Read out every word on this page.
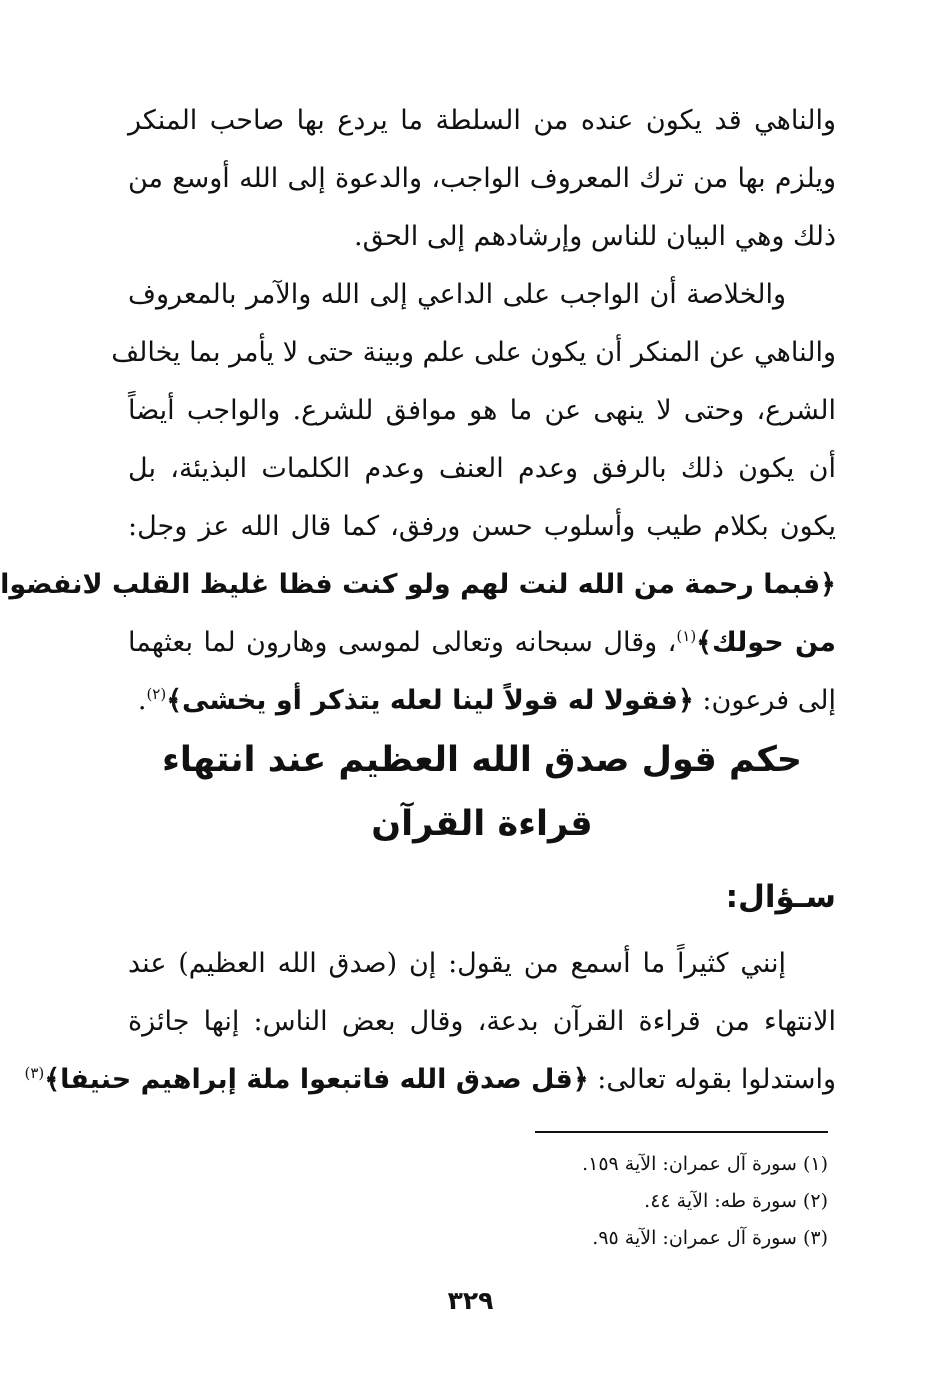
والناهي قد يكون عنده من السلطة ما يردع بها صاحب المنكر
ويلزم بها من ترك المعروف الواجب، والدعوة إلى الله أوسع من
ذلك وهي البيان للناس وإرشادهم إلى الحق.
والخلاصة أن الواجب على الداعي إلى الله والآمر بالمعروف
والناهي عن المنكر أن يكون على علم وبينة حتى لا يأمر بما يخالف
الشرع، وحتى لا ينهى عن ما هو موافق للشرع. والواجب أيضاً
أن يكون ذلك بالرفق وعدم العنف وعدم الكلمات البذيئة، بل
يكون بكلام طيب وأسلوب حسن ورفق، كما قال الله عز وجل:
﴿فبما رحمة من الله لنت لهم ولو كنت فظا غليظ القلب لانفضوا
من حولك﴾$^{(١)}$، وقال سبحانه وتعالى لموسى وهارون لما بعثهما
إلى فرعون: ﴿فقولا له قولاً لينا لعله يتذكر أو يخشى﴾$^{(٢)}$.
حكم قول صدق الله العظيم عند انتهاء
قراءة القرآن
سـؤال:
إنني كثيراً ما أسمع من يقول: إن (صدق الله العظيم) عند
الانتهاء من قراءة القرآن بدعة، وقال بعض الناس: إنها جائزة
واستدلوا بقوله تعالى: ﴿قل صدق الله فاتبعوا ملة إبراهيم حنيفا﴾$^{(٣)}$
(١) سورة آل عمران: الآية ١٥٩.
(٢) سورة طه: الآية ٤٤.
(٣) سورة آل عمران: الآية ٩٥.
٣٢٩
